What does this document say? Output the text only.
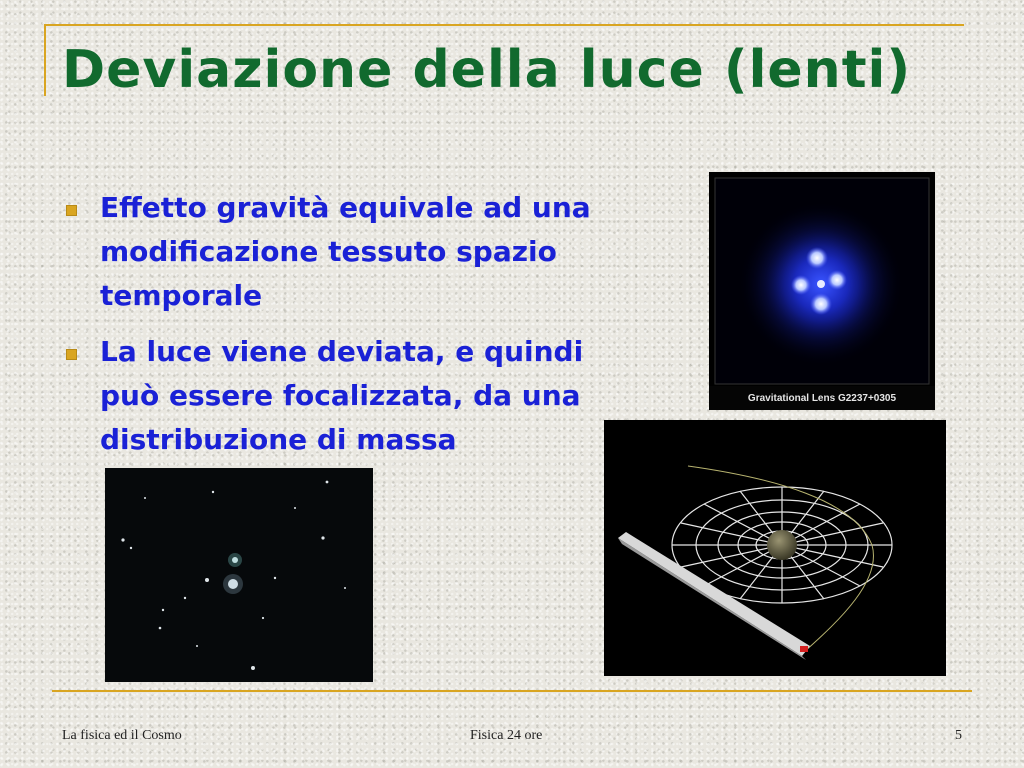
Deviazione della luce (lenti)
Effetto gravità equivale ad una
modificazione tessuto spazio
temporale
La luce viene deviata, e quindi
può essere focalizzata, da una
distribuzione di massa
Gravitational Lens G2237+0305
La fisica ed il Cosmo	Fisica 24 ore	5
